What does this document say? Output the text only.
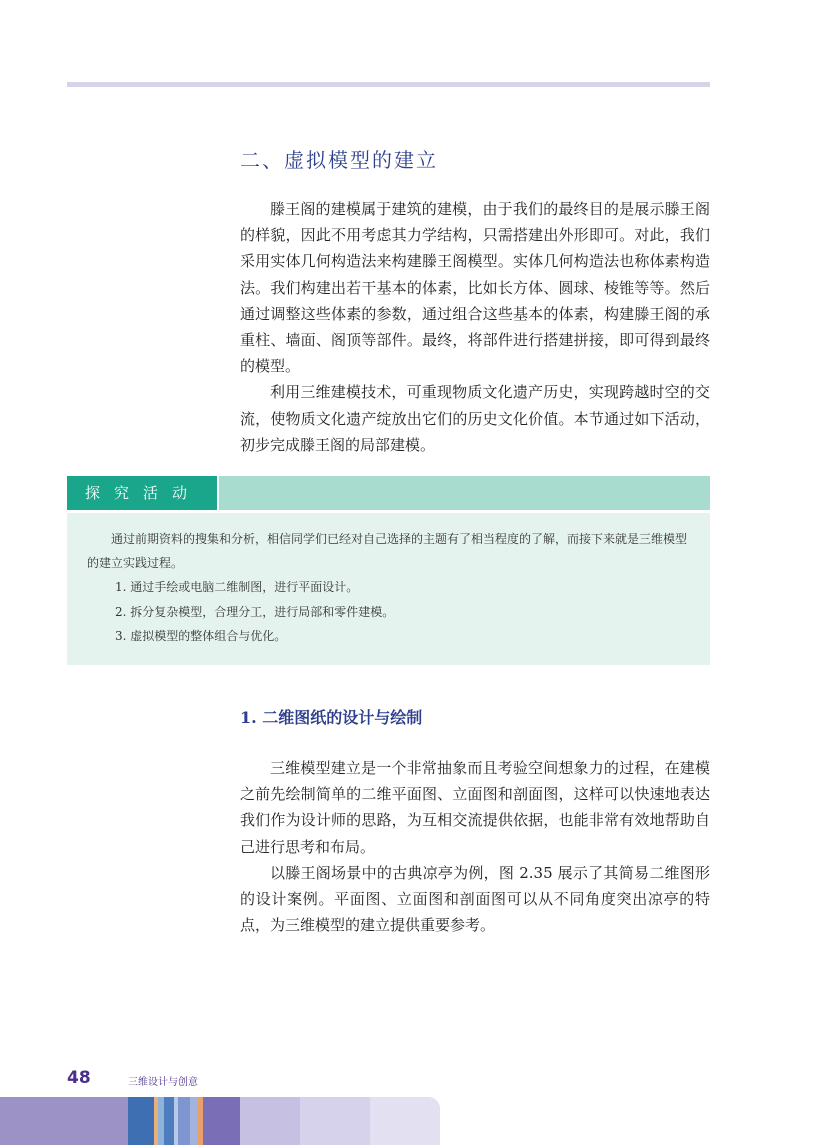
二、虚拟模型的建立

滕王阁的建模属于建筑的建模，由于我们的最终目的是展示滕王阁的样貌，因此不用考虑其力学结构，只需搭建出外形即可。对此，我们采用实体几何构造法来构建滕王阁模型。实体几何构造法也称体素构造法。我们构建出若干基本的体素，比如长方体、圆球、棱锥等等。然后通过调整这些体素的参数，通过组合这些基本的体素，构建滕王阁的承重柱、墙面、阁顶等部件。最终，将部件进行搭建拼接，即可得到最终的模型。

利用三维建模技术，可重现物质文化遗产历史，实现跨越时空的交流，使物质文化遗产绽放出它们的历史文化价值。本节通过如下活动，初步完成滕王阁的局部建模。

探究活动

通过前期资料的搜集和分析，相信同学们已经对自己选择的主题有了相当程度的了解，而接下来就是三维模型的建立实践过程。

1. 通过手绘或电脑二维制图，进行平面设计。
2. 拆分复杂模型，合理分工，进行局部和零件建模。
3. 虚拟模型的整体组合与优化。
1. 二维图纸的设计与绘制

三维模型建立是一个非常抽象而且考验空间想象力的过程，在建模之前先绘制简单的二维平面图、立面图和剖面图，这样可以快速地表达我们作为设计师的思路，为互相交流提供依据，也能非常有效地帮助自己进行思考和布局。

以滕王阁场景中的古典凉亭为例，图 2.35 展示了其简易二维图形的设计案例。平面图、立面图和剖面图可以从不同角度突出凉亭的特点，为三维模型的建立提供重要参考。

48	三维设计与创意
